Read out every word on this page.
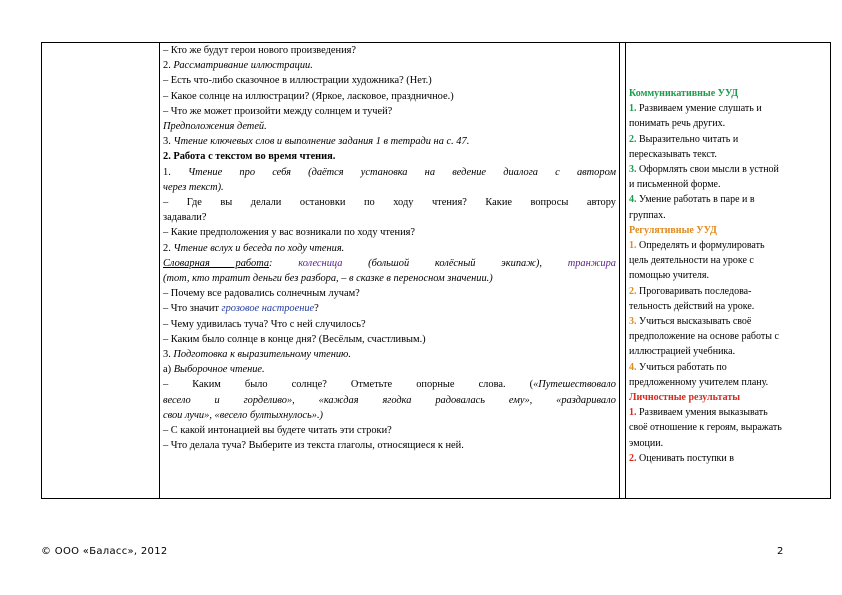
– Кто же будут герои нового произведения?
2. Рассматривание иллюстрации.
– Есть что-либо сказочное в иллюстрации художника? (Нет.)
– Какое солнце на иллюстрации? (Яркое, ласковое, праздничное.)
– Что же может произойти между солнцем и тучей?
Предположения детей.
3. Чтение ключевых слов и выполнение задания 1 в тетради на с. 47.
2. Работа с текстом во время чтения.
1. Чтение про себя (даётся установка на ведение диалога с автором
через текст).
– Где вы делали остановки по ходу чтения? Какие вопросы автору
задавали?
– Какие предположения у вас возникали по ходу чтения?
2. Чтение вслух и беседа по ходу чтения.
Словарная работа: колесница (большой колёсный экипаж), транжира
(тот, кто тратит деньги без разбора, – в сказке в переносном значении.)
– Почему все радовались солнечным лучам?
– Что значит грозовое настроение?
– Чему удивилась туча? Что с ней случилось?
– Каким было солнце в конце дня? (Весёлым, счастливым.)
3. Подготовка к выразительному чтению.
а) Выборочное чтение.
– Каким было солнце? Отметьте опорные слова. («Путешествовало
весело и горделиво», «каждая ягодка радовалась ему», «раздаривало
свои лучи», «весело бултыхнулось».)
– С какой интонацией вы будете читать эти строки?
– Что делала туча? Выберите из текста глаголы, относящиеся к ней.
Коммуникативные УУД
1. Развиваем умение слушать и
понимать речь других.
2. Выразительно читать и
пересказывать текст.
3. Оформлять свои мысли в устной
и письменной форме.
4. Умение работать в паре и в
группах.
Регулятивные УУД
1. Определять и формулировать
цель деятельности на уроке с
помощью учителя.
2. Проговаривать последова-
тельность действий на уроке.
3. Учиться высказывать своё
предположение на основе работы с
иллюстрацией учебника.
4. Учиться работать по
предложенному учителем плану.
Личностные результаты
1. Развиваем умения выказывать
своё отношение к героям, выражать
эмоции.
2. Оценивать поступки в
© ООО «Баласс», 2012	2
